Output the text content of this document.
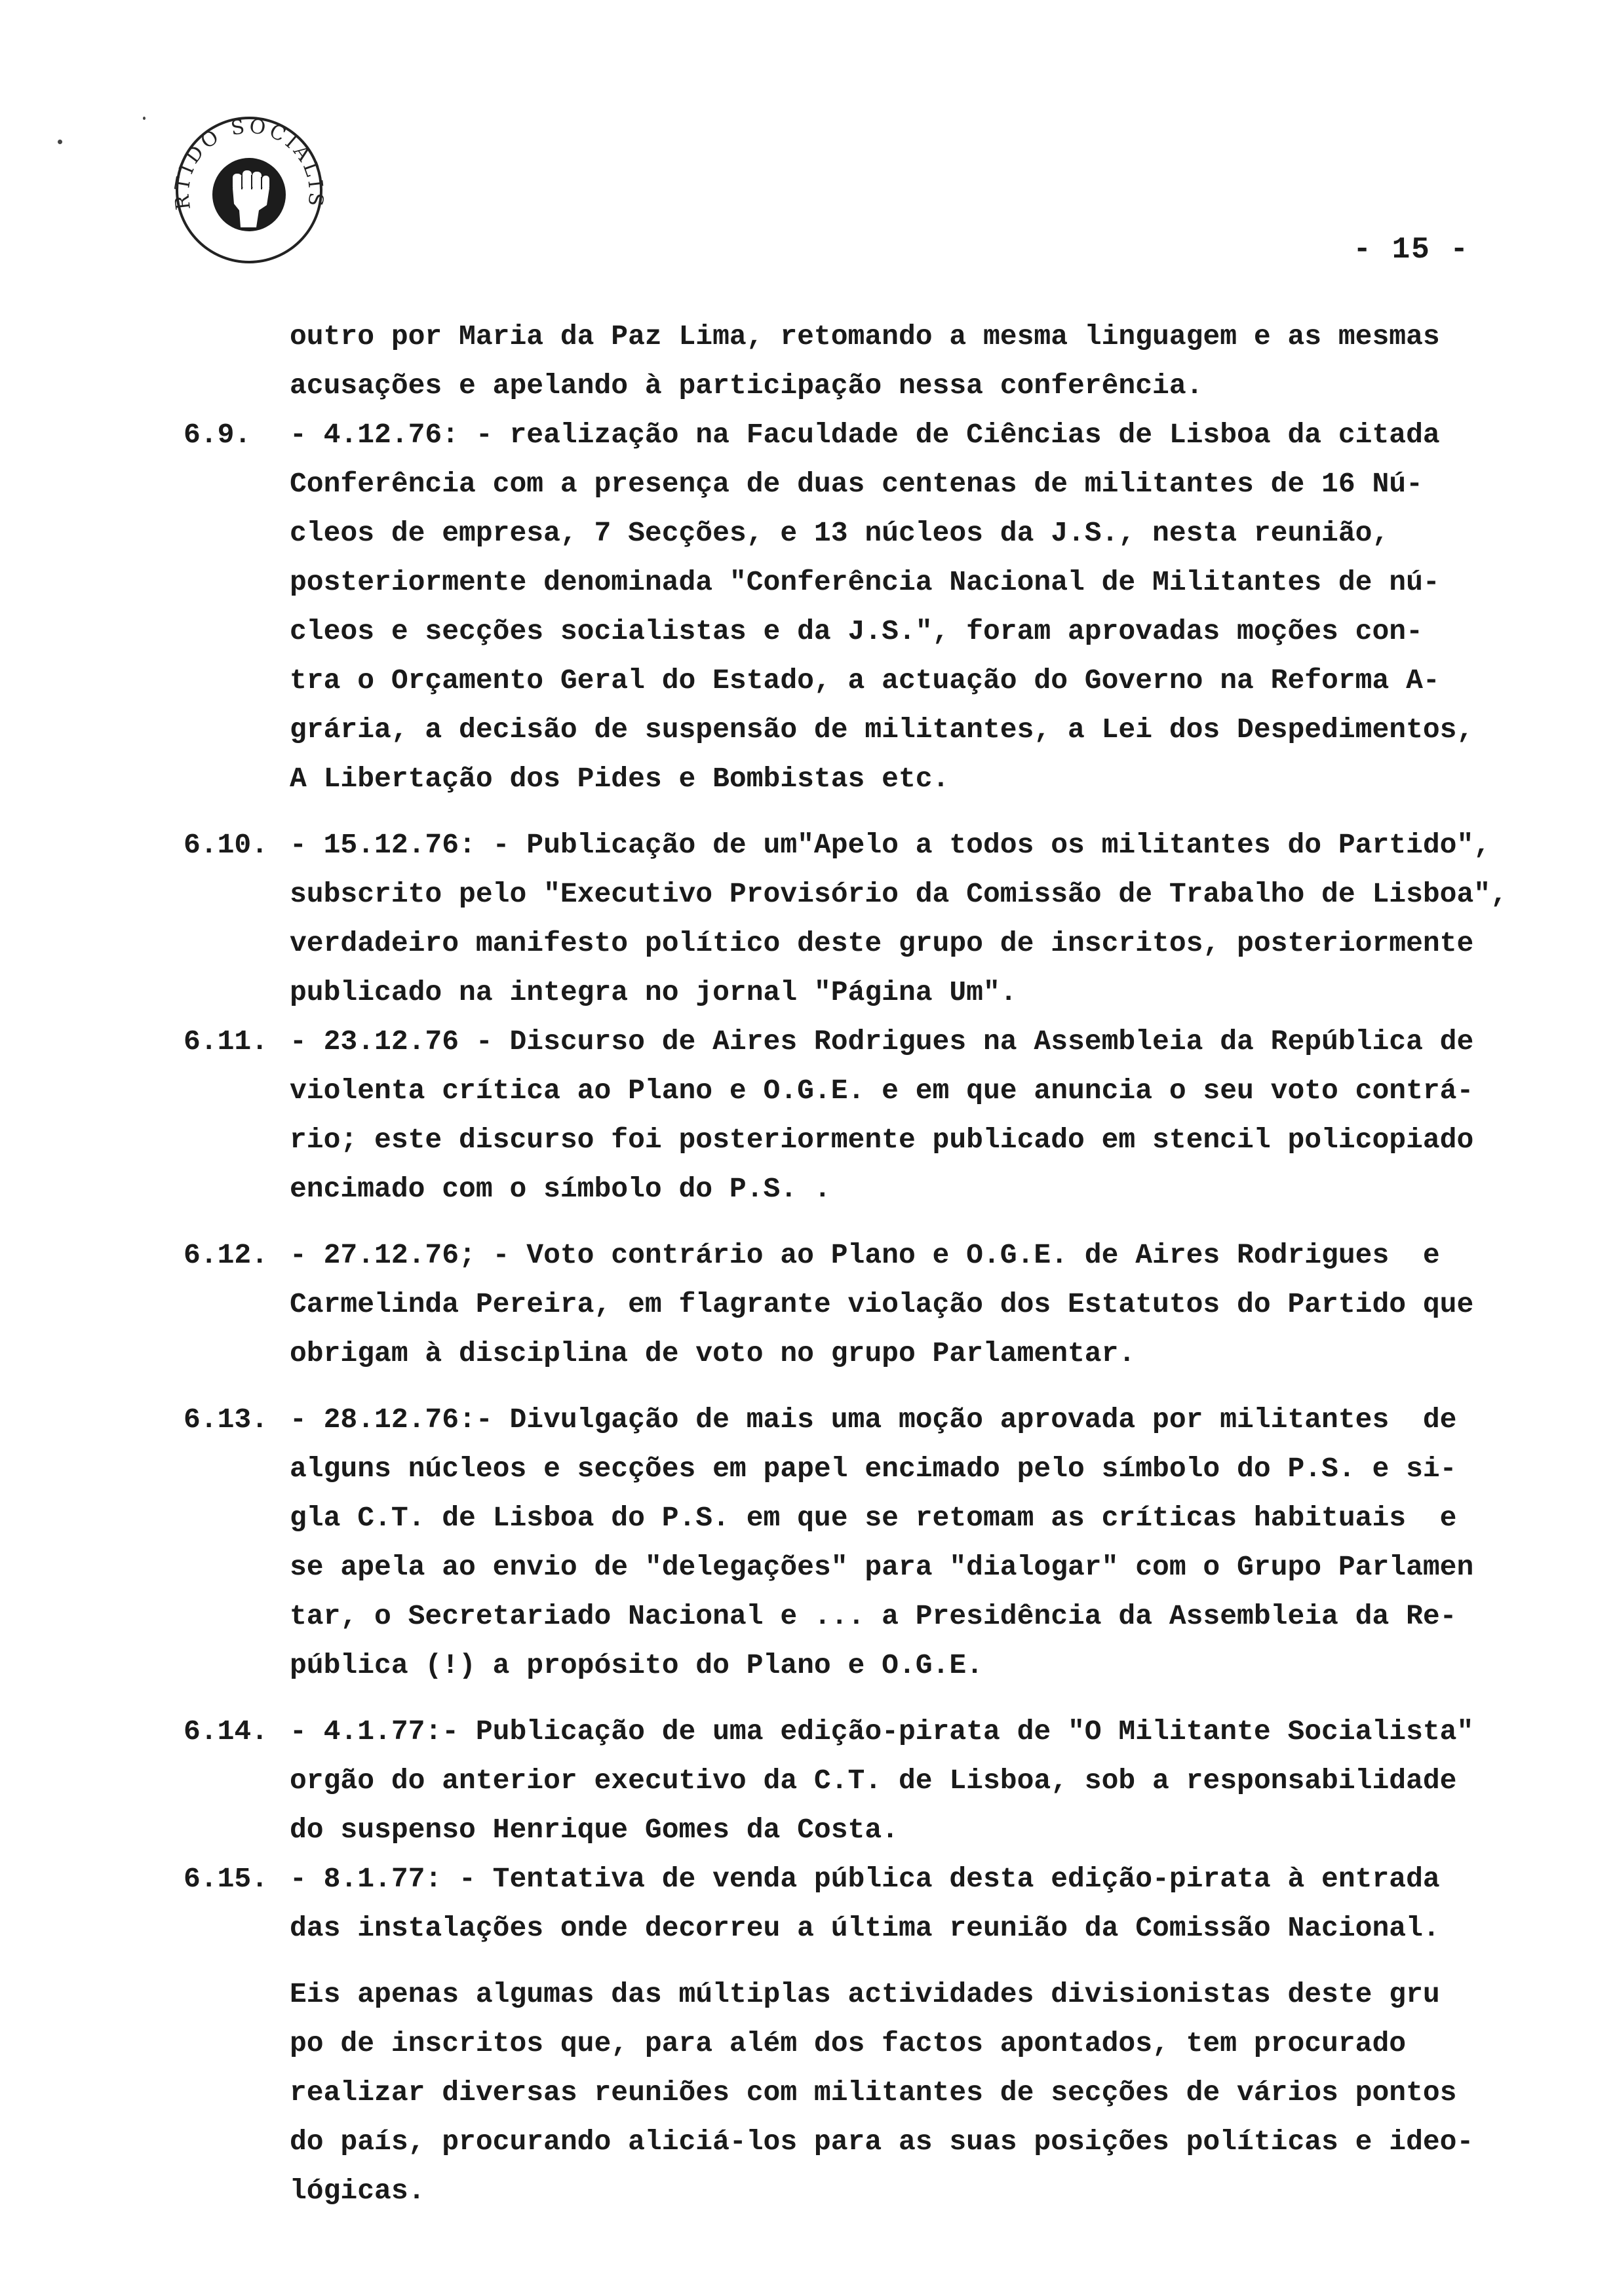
RTIDO SOCIALIS
- 15 -
outro por Maria da Paz Lima, retomando a mesma linguagem e as mesmas
acusações e apelando à participação nessa conferência.
6.9. - 4.12.76: - realização na Faculdade de Ciências de Lisboa da citada
Conferência com a presença de duas centenas de militantes de 16 Nú-
cleos de empresa, 7 Secções, e 13 núcleos da J.S., nesta reunião,
posteriormente denominada "Conferência Nacional de Militantes de nú-
cleos e secções socialistas e da J.S.", foram aprovadas moções con-
tra o Orçamento Geral do Estado, a actuação do Governo na Reforma A-
grária, a decisão de suspensão de militantes, a Lei dos Despedimentos,
A Libertação dos Pides e Bombistas etc.
6.10. - 15.12.76: - Publicação de um"Apelo a todos os militantes do Partido",
subscrito pelo "Executivo Provisório da Comissão de Trabalho de Lisboa",
verdadeiro manifesto político deste grupo de inscritos, posteriormente
publicado na integra no jornal "Página Um".
6.11. - 23.12.76 - Discurso de Aires Rodrigues na Assembleia da República de
violenta crítica ao Plano e O.G.E. e em que anuncia o seu voto contrá-
rio; este discurso foi posteriormente publicado em stencil policopiado
encimado com o símbolo do P.S. .
6.12. - 27.12.76; - Voto contrário ao Plano e O.G.E. de Aires Rodrigues  e
Carmelinda Pereira, em flagrante violação dos Estatutos do Partido que
obrigam à disciplina de voto no grupo Parlamentar.
6.13. - 28.12.76:- Divulgação de mais uma moção aprovada por militantes  de
alguns núcleos e secções em papel encimado pelo símbolo do P.S. e si-
gla C.T. de Lisboa do P.S. em que se retomam as críticas habituais  e
se apela ao envio de "delegações" para "dialogar" com o Grupo Parlamen
tar, o Secretariado Nacional e ... a Presidência da Assembleia da Re-
pública (!) a propósito do Plano e O.G.E.
6.14. - 4.1.77:- Publicação de uma edição-pirata de "O Militante Socialista"
orgão do anterior executivo da C.T. de Lisboa, sob a responsabilidade
do suspenso Henrique Gomes da Costa.
6.15. - 8.1.77: - Tentativa de venda pública desta edição-pirata à entrada
das instalações onde decorreu a última reunião da Comissão Nacional.
Eis apenas algumas das múltiplas actividades divisionistas deste gru
po de inscritos que, para além dos factos apontados, tem procurado
realizar diversas reuniões com militantes de secções de vários pontos
do país, procurando aliciá-los para as suas posições políticas e ideo-
lógicas.
